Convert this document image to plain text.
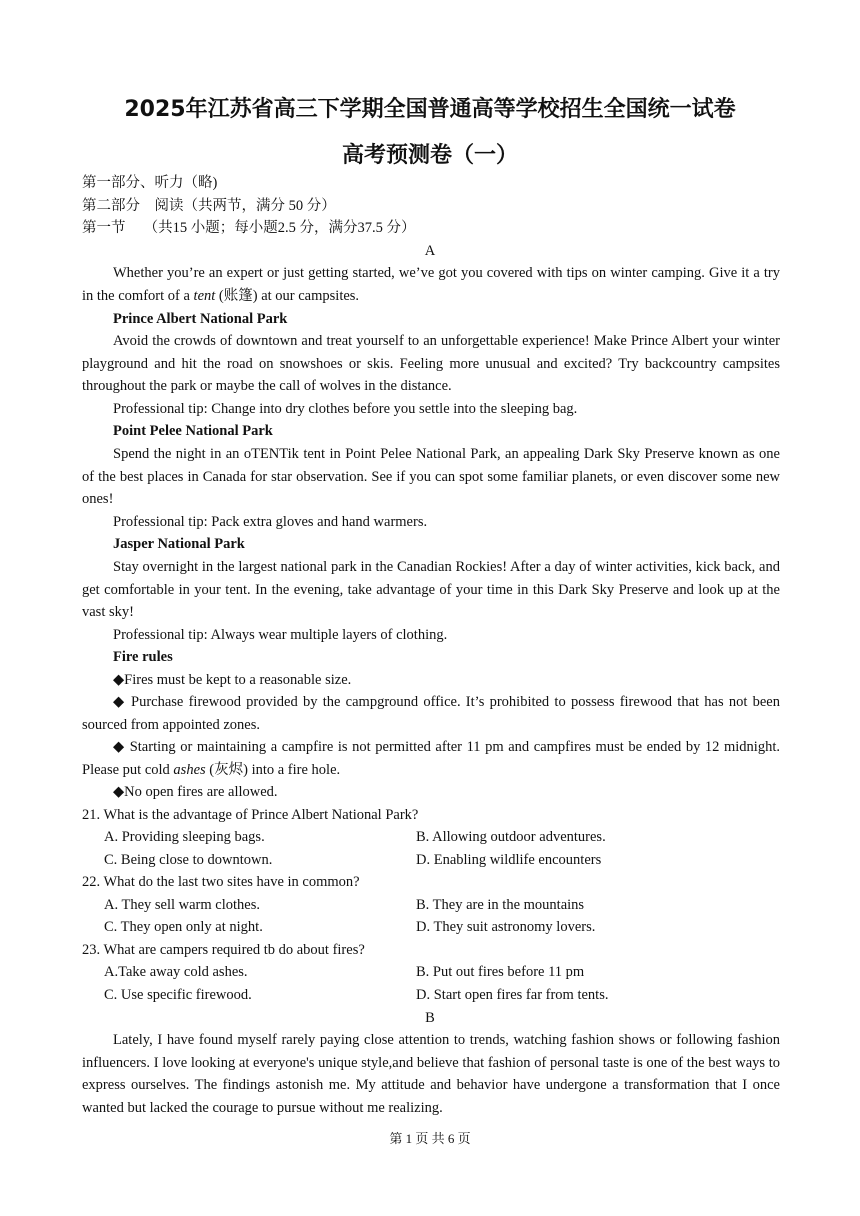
2025年江苏省高三下学期全国普通高等学校招生全国统一试卷
高考预测卷（一）
第一部分、听力（略)
第二部分　阅读（共两节，满分 50 分）
第一节　 （共15 小题；每小题2.5 分，满分37.5 分）
A

Whether you’re an expert or just getting started, we’ve got you covered with tips on winter camping. Give it a try in the comfort of a tent (账篷) at our campsites.

Prince Albert National Park

Avoid the crowds of downtown and treat yourself to an unforgettable experience! Make Prince Albert your winter playground and hit the road on snowshoes or skis. Feeling more unusual and excited? Try backcountry campsites throughout the park or maybe the call of wolves in the distance.

Professional tip: Change into dry clothes before you settle into the sleeping bag.
Point Pelee National Park

Spend the night in an oTENTik tent in Point Pelee National Park, an appealing Dark Sky Preserve known as one of the best places in Canada for star observation. See if you can spot some familiar planets, or even discover some new ones!

Professional tip: Pack extra gloves and hand warmers.
Jasper National Park

Stay overnight in the largest national park in the Canadian Rockies! After a day of winter activities, kick back, and get comfortable in your tent. In the evening, take advantage of your time in this Dark Sky Preserve and look up at the vast sky!

Professional tip: Always wear multiple layers of clothing.
Fire rules
◆Fires must be kept to a reasonable size.

◆ Purchase firewood provided by the campground office. It’s prohibited to possess firewood that has not been sourced from appointed zones.

◆ Starting or maintaining a campfire is not permitted after 11 pm and campfires must be ended by 12 midnight. Please put cold ashes (灰烬) into a fire hole.

◆No open fires are allowed.
21. What is the advantage of Prince Albert National Park?
A. Providing sleeping bags.	B. Allowing outdoor adventures.
C. Being close to downtown.	D. Enabling wildlife encounters
22. What do the last two sites have in common?
A. They sell warm clothes.	B. They are in the mountains
C. They open only at night.	D. They suit astronomy lovers.
23. What are campers required tb do about fires?
A.Take away cold ashes.	B. Put out fires before 11 pm
C. Use specific firewood.	D. Start open fires far from tents.
B

Lately, I have found myself rarely paying close attention to trends, watching fashion shows or following fashion influencers. I love looking at everyone's unique style,and believe that fashion of personal taste is one of the best ways to express ourselves. The findings astonish me. My attitude and behavior have undergone a transformation that I once wanted but lacked the courage to pursue without me realizing.

第 1 页 共 6 页
